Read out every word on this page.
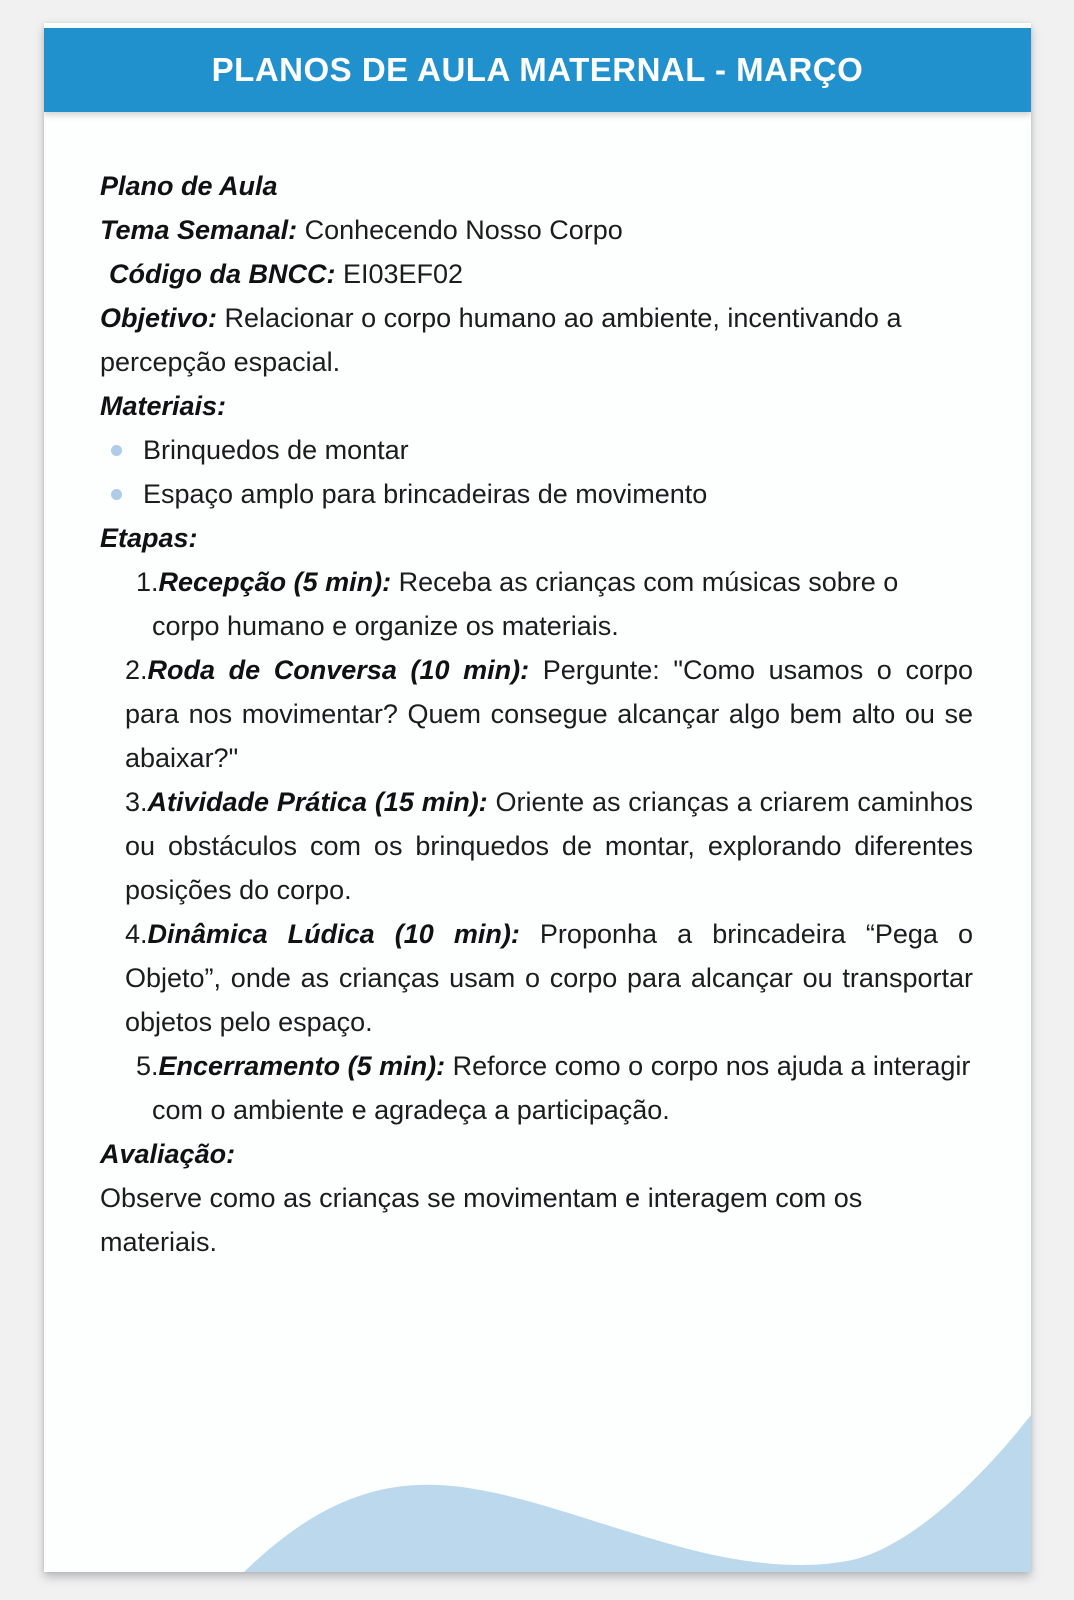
PLANOS DE AULA MATERNAL - MARÇO

Plano de Aula

Tema Semanal: Conhecendo Nosso Corpo

Código da BNCC: EI03EF02

Objetivo: Relacionar o corpo humano ao ambiente, incentivando a percepção espacial.

Materiais:

Brinquedos de montar
Espaço amplo para brincadeiras de movimento

Etapas:

1.Recepção (5 min): Receba as crianças com músicas sobre o corpo humano e organize os materiais.

2.Roda de Conversa (10 min): Pergunte: "Como usamos o corpo para nos movimentar? Quem consegue alcançar algo bem alto ou se abaixar?"

3.Atividade Prática (15 min): Oriente as crianças a criarem caminhos ou obstáculos com os brinquedos de montar, explorando diferentes posições do corpo.

4.Dinâmica Lúdica (10 min): Proponha a brincadeira “Pega o Objeto”, onde as crianças usam o corpo para alcançar ou transportar objetos pelo espaço.

5.Encerramento (5 min): Reforce como o corpo nos ajuda a interagir com o ambiente e agradeça a participação.

Avaliação:

Observe como as crianças se movimentam e interagem com os materiais.
